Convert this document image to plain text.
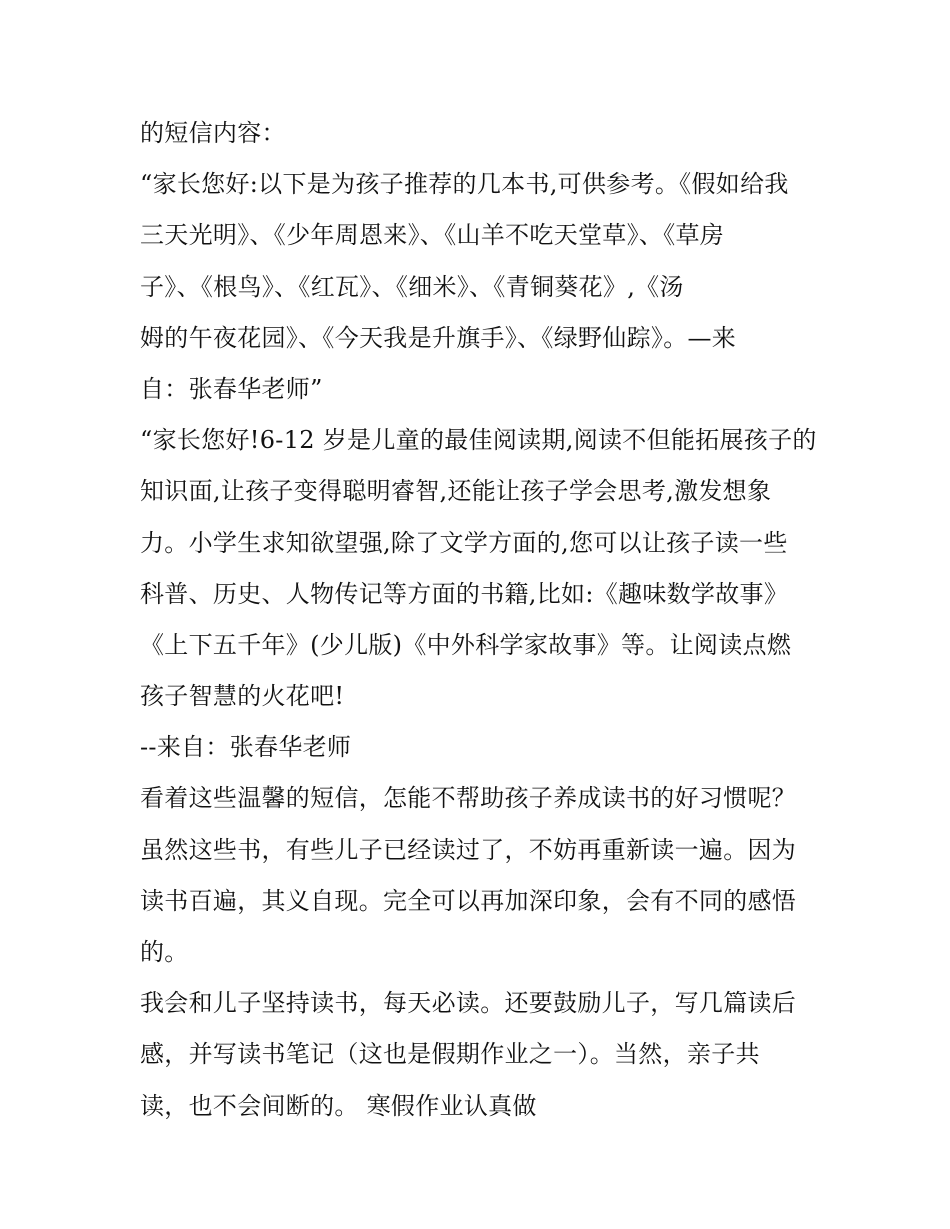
的短信内容：
“家长您好:以下是为孩子推荐的几本书,可供参考。《假如给我
三天光明》、《少年周恩来》、《山羊不吃天堂草》、《草房
子》、《根鸟》、《红瓦》、《细米》、《青铜葵花》,《汤
姆的午夜花园》、《今天我是升旗手》、《绿野仙踪》。—来
自：张春华老师”
“家长您好!6-12 岁是儿童的最佳阅读期,阅读不但能拓展孩子的
知识面,让孩子变得聪明睿智,还能让孩子学会思考,激发想象
力。小学生求知欲望强,除了文学方面的,您可以让孩子读一些
科普、历史、人物传记等方面的书籍,比如:《趣味数学故事》
《上下五千年》(少儿版)《中外科学家故事》等。让阅读点燃
孩子智慧的火花吧!
--来自：张春华老师
看着这些温馨的短信，怎能不帮助孩子养成读书的好习惯呢？
虽然这些书，有些儿子已经读过了，不妨再重新读一遍。因为
读书百遍，其义自现。完全可以再加深印象，会有不同的感悟
的。
我会和儿子坚持读书，每天必读。还要鼓励儿子，写几篇读后
感，并写读书笔记（这也是假期作业之一）。当然，亲子共
读，也不会间断的。 寒假作业认真做
